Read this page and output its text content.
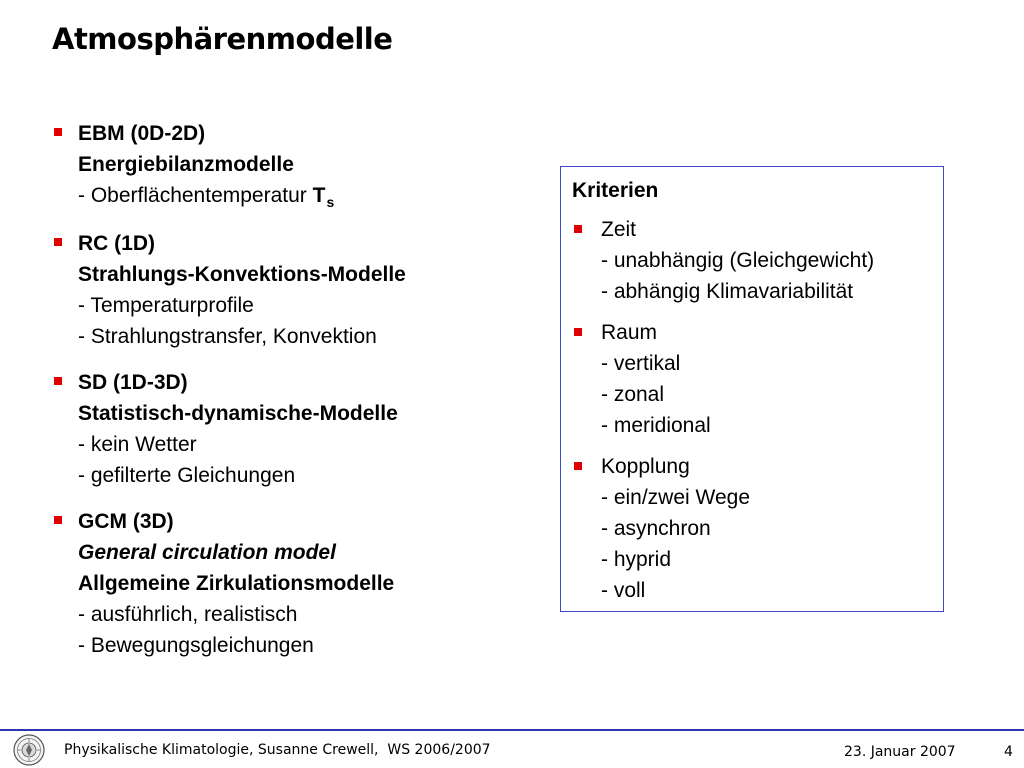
Atmosphärenmodelle
EBM (0D-2D)
Energiebilanzmodelle
- Oberflächentemperatur $T_s$
RC (1D)
Strahlungs-Konvektions-Modelle
- Temperaturprofile
- Strahlungstransfer, Konvektion
SD (1D-3D)
Statistisch-dynamische-Modelle
- kein Wetter
- gefilterte Gleichungen
GCM (3D)
General circulation model
Allgemeine Zirkulationsmodelle
- ausführlich, realistisch
- Bewegungsgleichungen
Kriterien
Zeit
- unabhängig (Gleichgewicht)
- abhängig Klimavariabilität
Raum
- vertikal
- zonal
- meridional
Kopplung
- ein/zwei Wege
- asynchron
- hyprid
- voll
Physikalische Klimatologie, Susanne Crewell,  WS 2006/2007	23. Januar 2007	4
